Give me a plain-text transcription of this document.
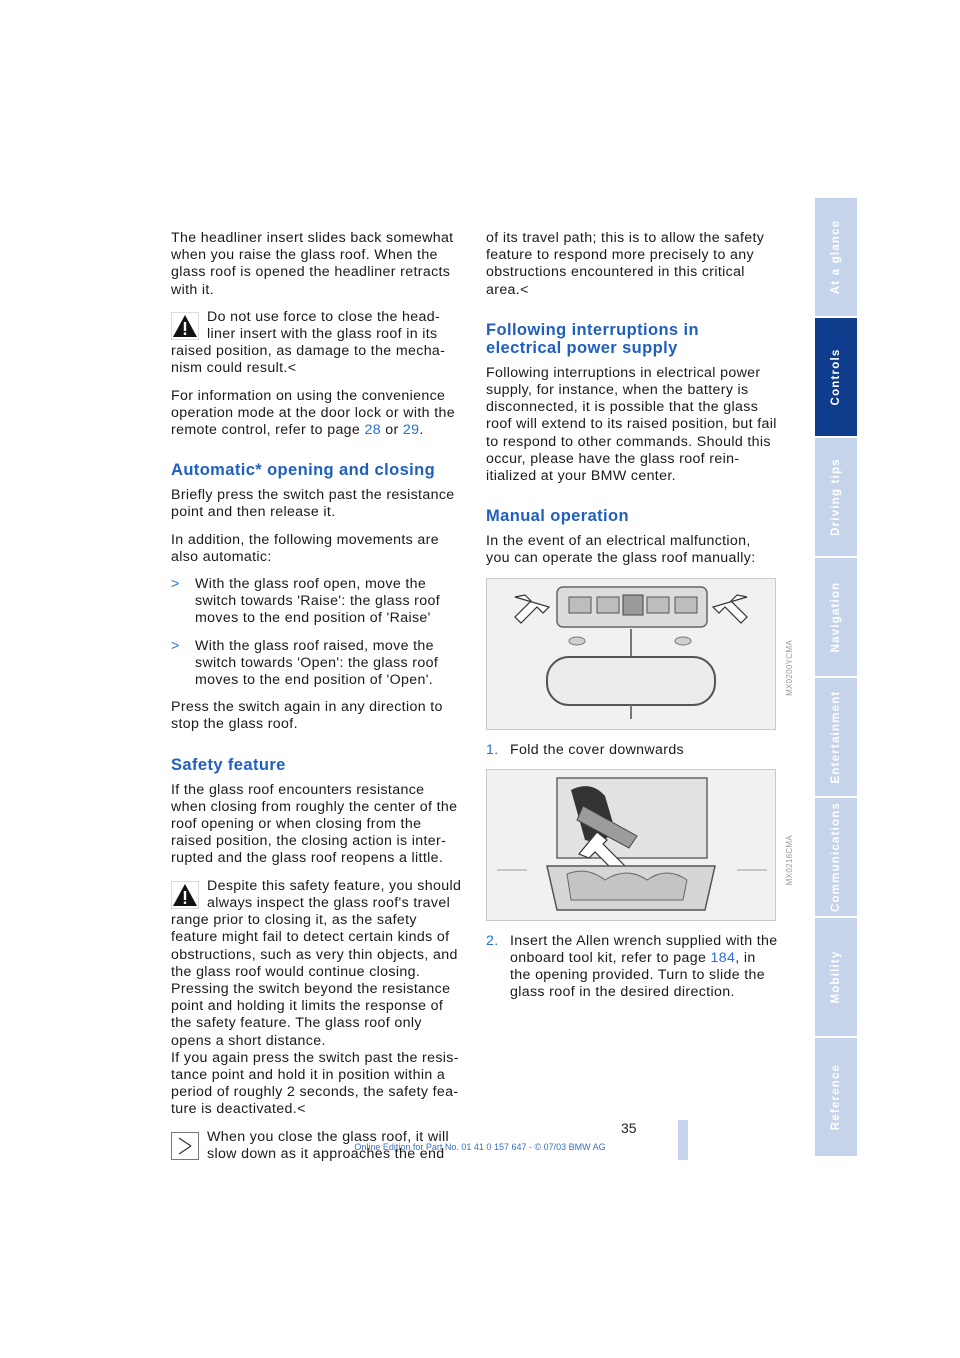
The headliner insert slides back somewhat when you raise the glass roof. When the glass roof is opened the headliner retracts with it.

Do not use force to close the head-liner insert with the glass roof in its raised position, as damage to the mecha-nism could result.<

For information on using the convenience operation mode at the door lock or with the remote control, refer to page 28 or 29.

Automatic* opening and closing

Briefly press the switch past the resistance point and then release it.

In addition, the following movements are also automatic:

> With the glass roof open, move the switch towards 'Raise': the glass roof moves to the end position of 'Raise'
> With the glass roof raised, move the switch towards 'Open': the glass roof moves to the end position of 'Open'.

Press the switch again in any direction to stop the glass roof.

Safety feature

If the glass roof encounters resistance when closing from roughly the center of the roof opening or when closing from the raised position, the closing action is inter-rupted and the glass roof reopens a little.

Despite this safety feature, you should always inspect the glass roof's travel range prior to closing it, as the safety feature might fail to detect certain kinds of obstructions, such as very thin objects, and the glass roof would continue closing. Pressing the switch beyond the resistance point and holding it limits the response of the safety feature. The glass roof only opens a short distance.
If you again press the switch past the resis-tance point and hold it in position within a period of roughly 2 seconds, the safety fea-ture is deactivated.<
When you close the glass roof, it will slow down as it approaches the end

of its travel path; this is to allow the safety feature to respond more precisely to any obstructions encountered in this critical area.<

Following interruptions in electrical power supply

Following interruptions in electrical power supply, for instance, when the battery is disconnected, it is possible that the glass roof will extend to its raised position, but fail to respond to other commands. Should this occur, please have the glass roof rein-itialized at your BMW center.

Manual operation

In the event of an electrical malfunction, you can operate the glass roof manually:

1. Fold the cover downwards
2. Insert the Allen wrench supplied with the onboard tool kit, refer to page 184, in the opening provided. Turn to slide the glass roof in the desired direction.
MX0200YCMA
MX0216CMA
At a glance
Controls
Driving tips
Navigation
Entertainment
Communications
Mobility
Reference
35
Online Edition for Part No. 01 41 0 157 647 - © 07/03 BMW AG
